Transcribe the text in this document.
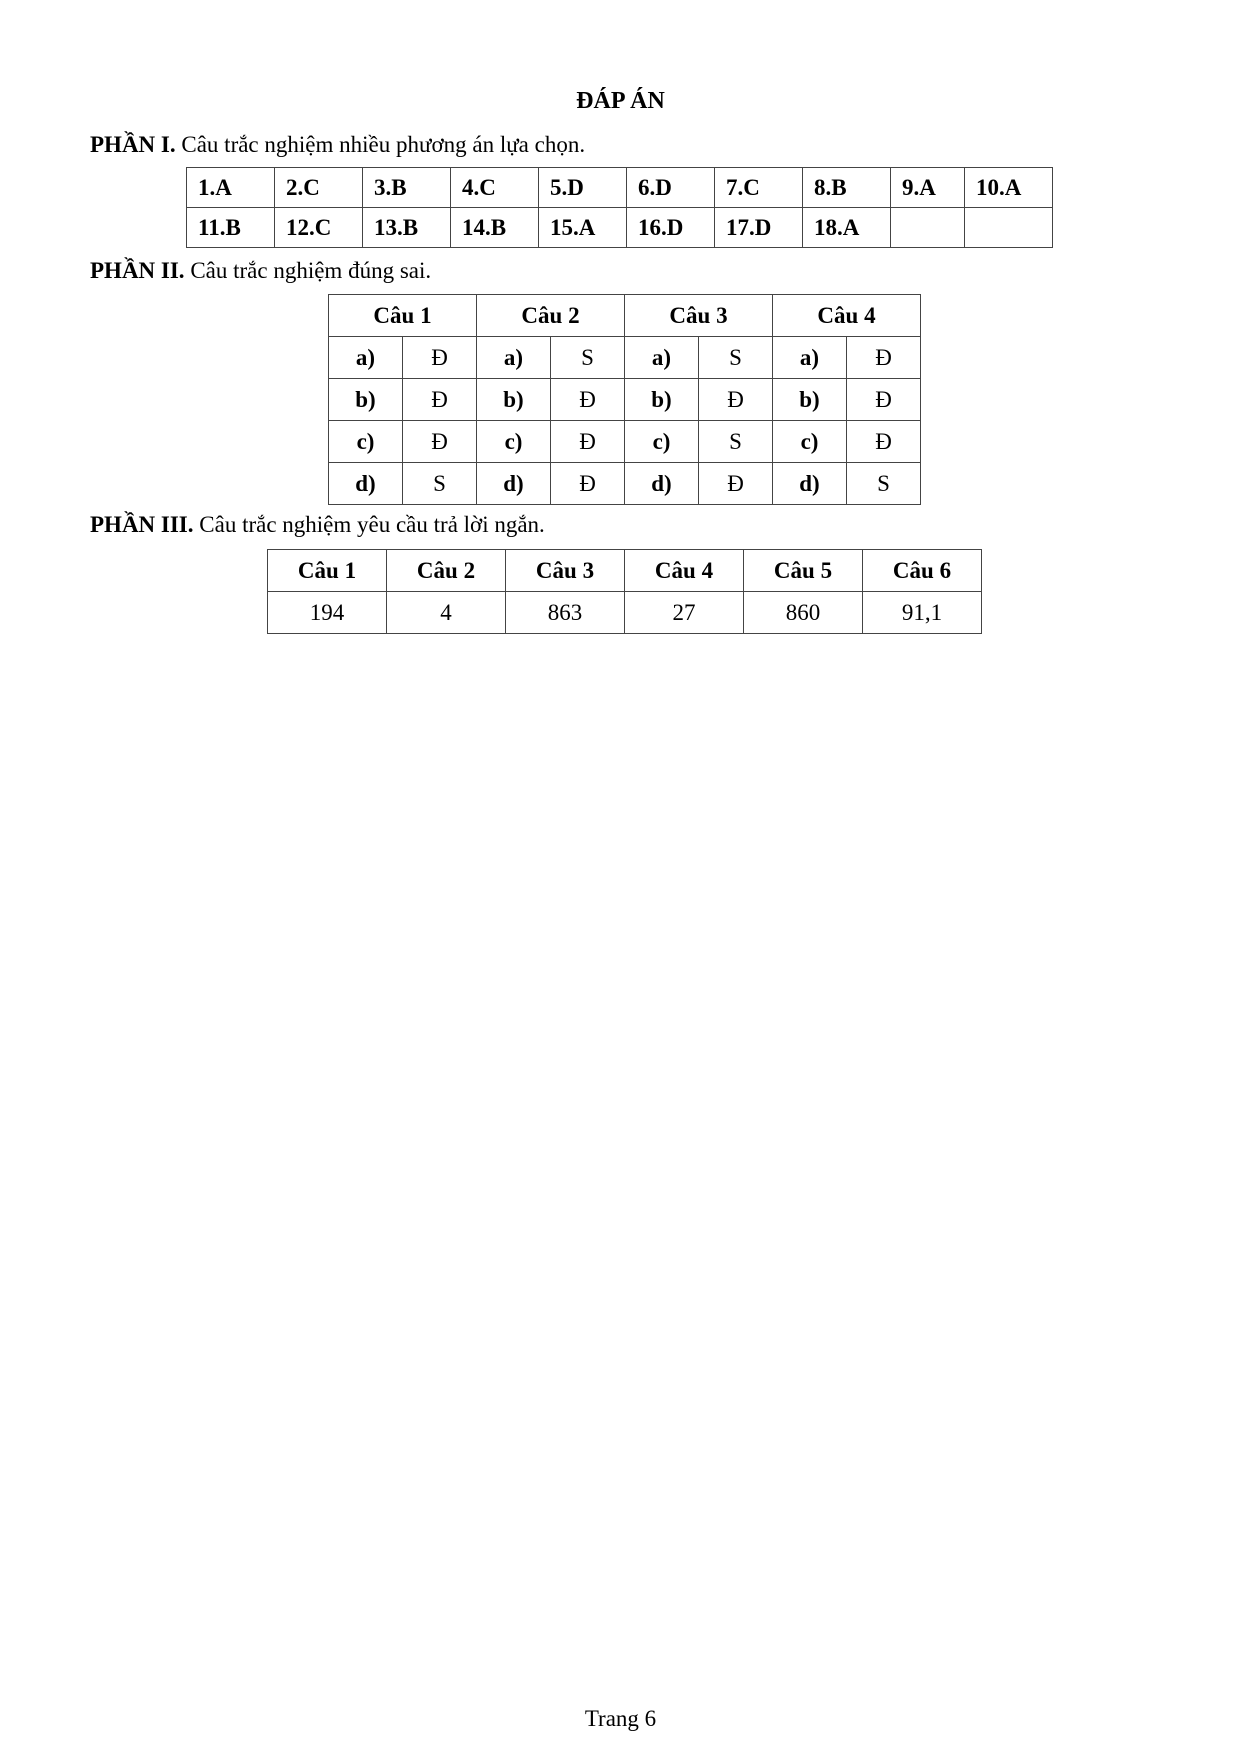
ĐÁP ÁN
PHẦN I. Câu trắc nghiệm nhiều phương án lựa chọn.
1.A	2.C	3.B	4.C	5.D	6.D	7.C	8.B	9.A	10.A
11.B	12.C	13.B	14.B	15.A	16.D	17.D	18.A		
PHẦN II. Câu trắc nghiệm đúng sai.
Câu 1		Câu 2		Câu 3		Câu 4	
a)	Đ	a)	S	a)	S	a)	Đ
b)	Đ	b)	Đ	b)	Đ	b)	Đ
c)	Đ	c)	Đ	c)	S	c)	Đ
d)	S	d)	Đ	d)	Đ	d)	S
PHẦN III. Câu trắc nghiệm yêu cầu trả lời ngắn.
Câu 1	Câu 2	Câu 3	Câu 4	Câu 5	Câu 6
194	4	863	27	860	91,1
Trang 6
